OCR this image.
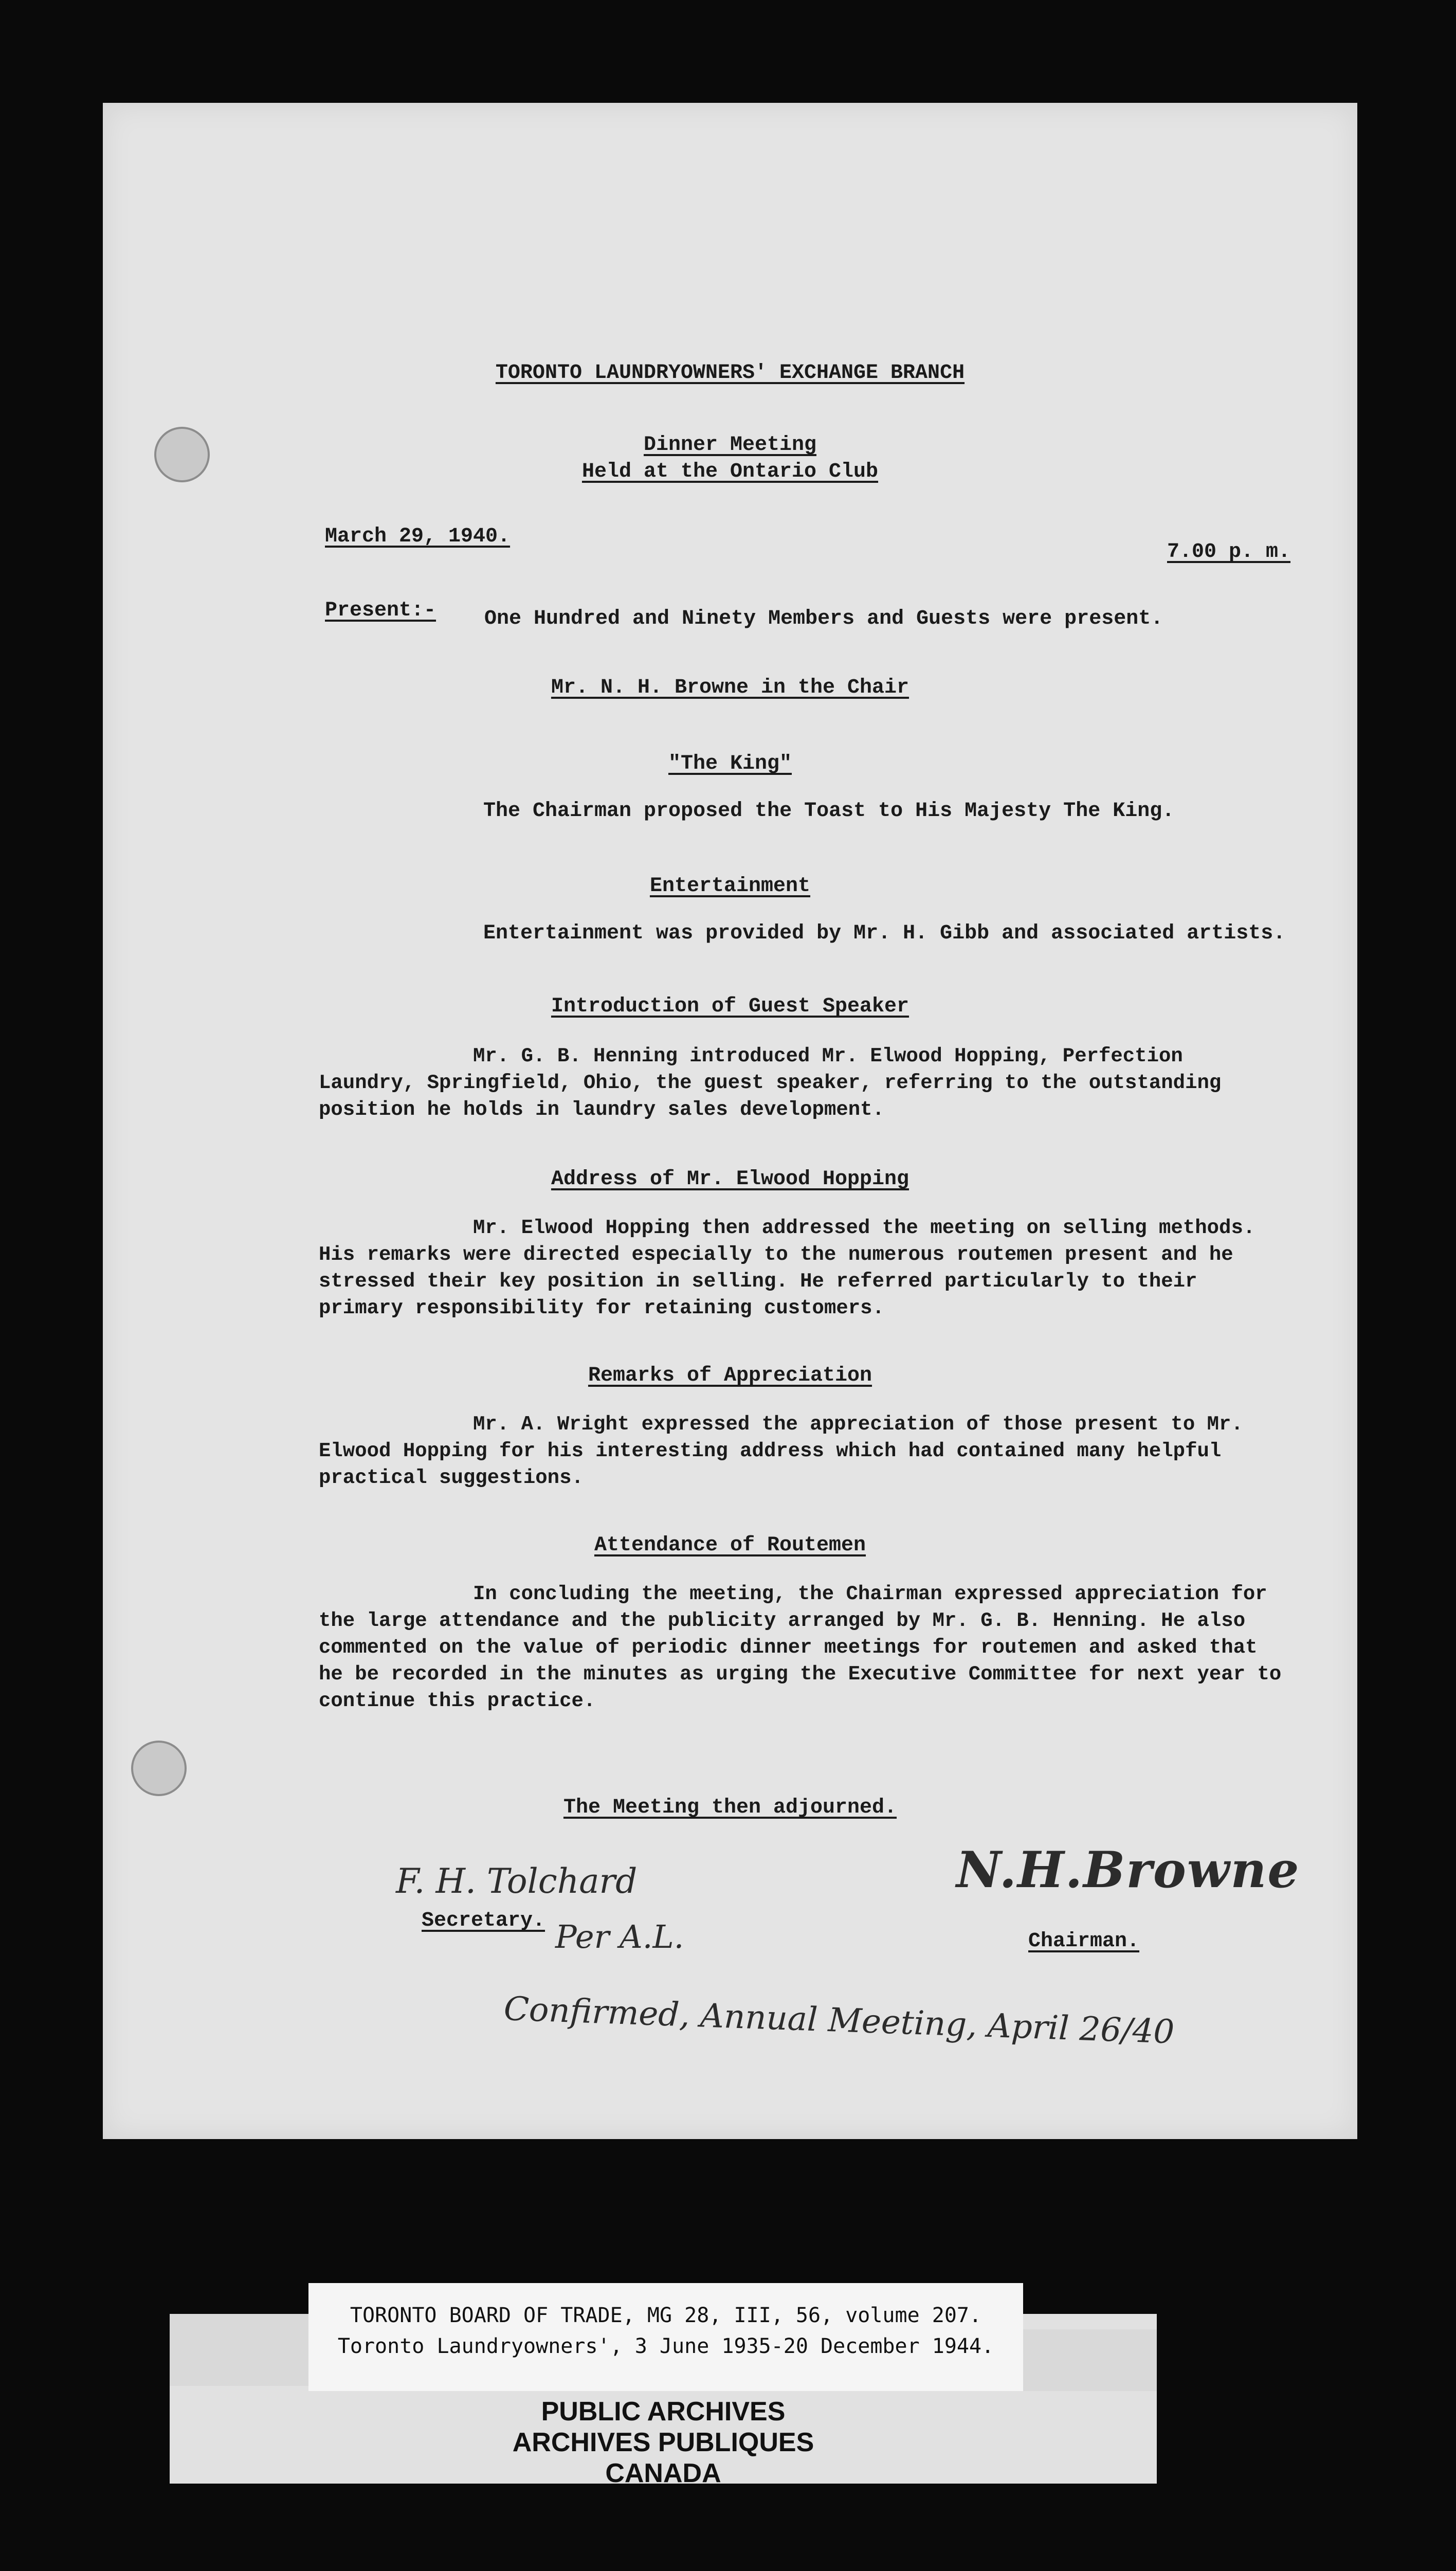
TORONTO LAUNDRYOWNERS' EXCHANGE BRANCH
Dinner Meeting
Held at the Ontario Club
March 29, 1940.
7.00 p. m.
Present:- One Hundred and Ninety Members and Guests were present.
Mr. N. H. Browne in the Chair
"The King"
The Chairman proposed the Toast to His Majesty The King.
Entertainment
Entertainment was provided by Mr. H. Gibb and associated artists.
Introduction of Guest Speaker
Mr. G. B. Henning introduced Mr. Elwood Hopping, Perfection Laundry, Springfield, Ohio, the guest speaker, referring to the outstanding position he holds in laundry sales development.
Address of Mr. Elwood Hopping
Mr. Elwood Hopping then addressed the meeting on selling methods. His remarks were directed especially to the numerous routemen present and he stressed their key position in selling. He referred particularly to their primary responsibility for retaining customers.
Remarks of Appreciation
Mr. A. Wright expressed the appreciation of those present to Mr. Elwood Hopping for his interesting address which had contained many helpful practical suggestions.
Attendance of Routemen
In concluding the meeting, the Chairman expressed appreciation for the large attendance and the publicity arranged by Mr. G. B. Henning. He also commented on the value of periodic dinner meetings for routemen and asked that he be recorded in the minutes as urging the Executive Committee for next year to continue this practice.
The Meeting then adjourned.
F. H. Tolchard
Secretary. Per A.L.
N.H.Browne
Chairman.
Confirmed, Annual Meeting, April 26/40
TORONTO BOARD OF TRADE, MG 28, III, 56, volume 207.
Toronto Laundryowners', 3 June 1935-20 December 1944.
PUBLIC ARCHIVES
ARCHIVES PUBLIQUES
CANADA
